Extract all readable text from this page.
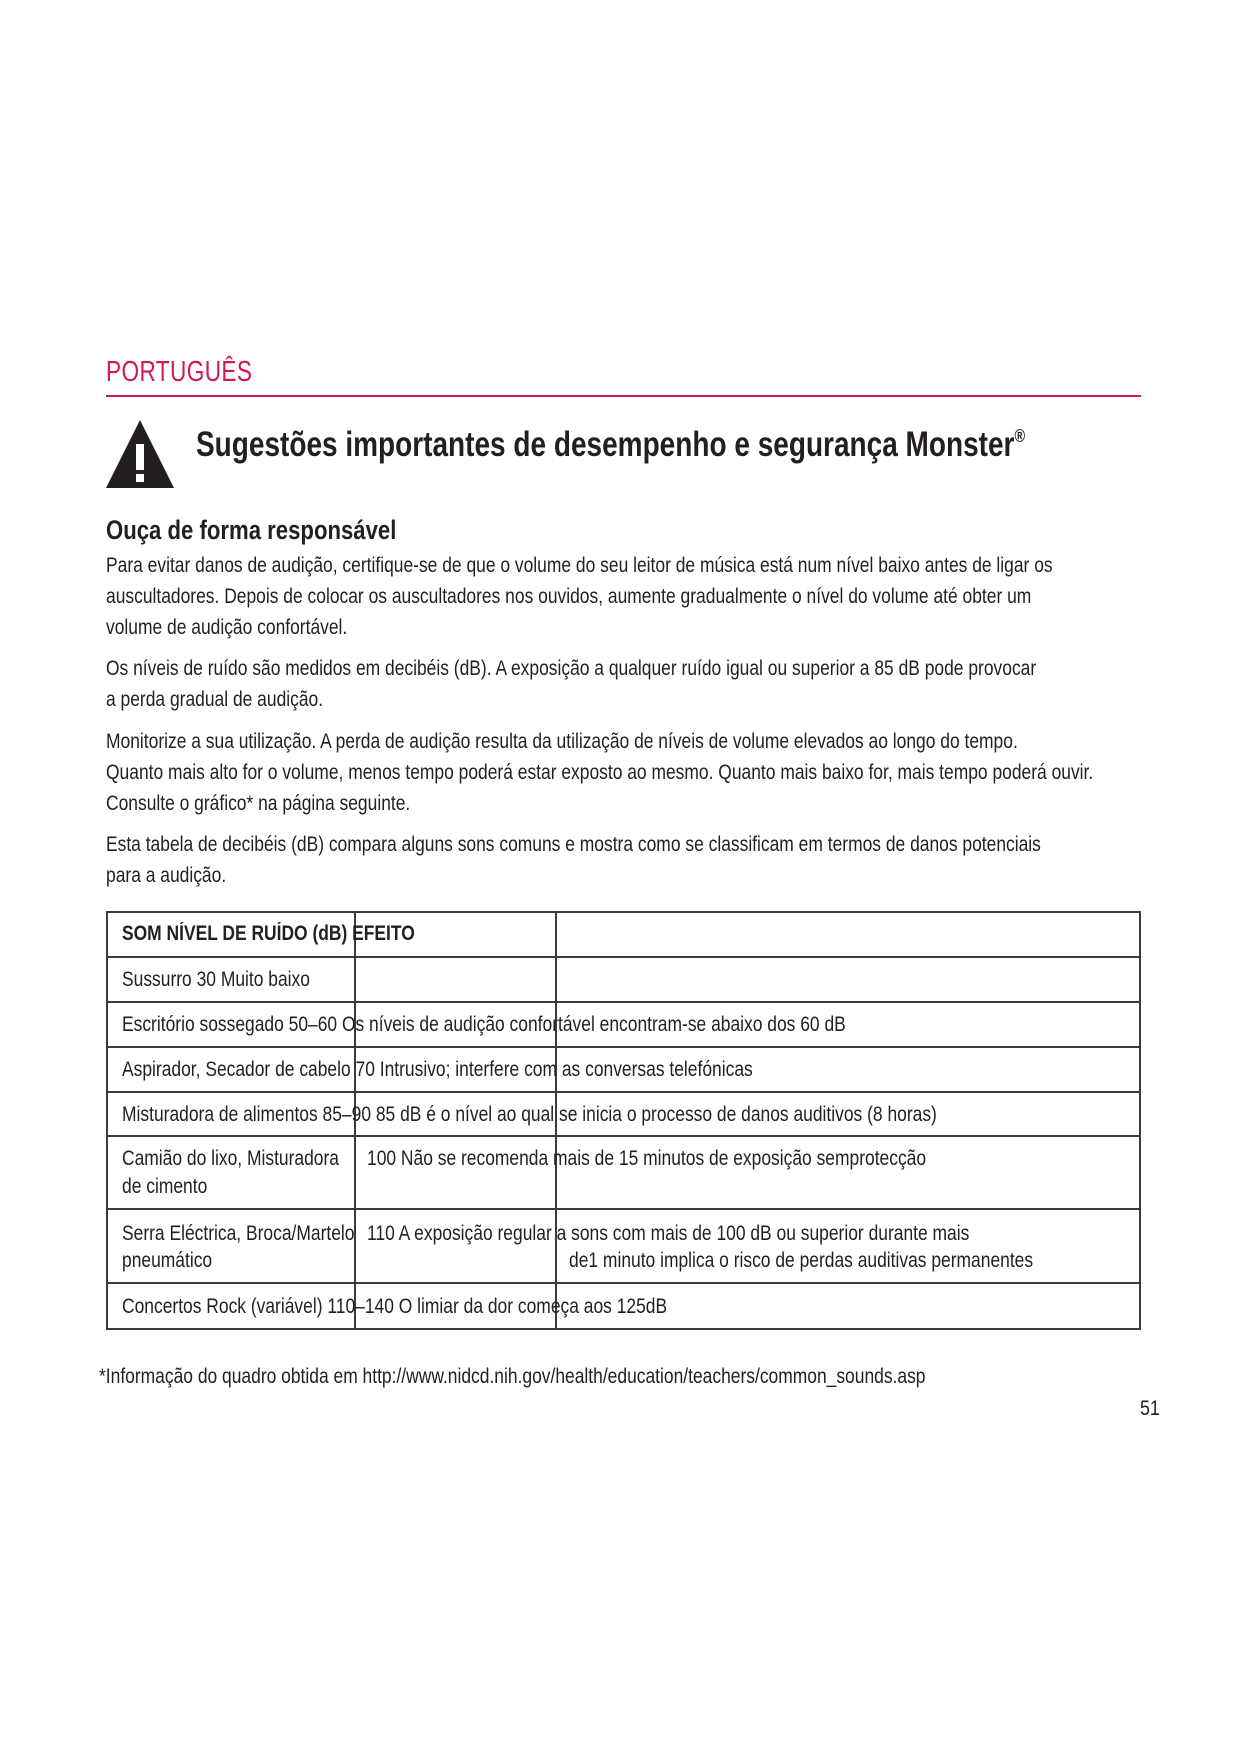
PORTUGUÊS
Sugestões importantes de desempenho e segurança Monster®
Ouça de forma responsável
Para evitar danos de audição, certifique-se de que o volume do seu leitor de música está num nível baixo antes de ligar os
auscultadores. Depois de colocar os auscultadores nos ouvidos, aumente gradualmente o nível do volume até obter um
volume de audição confortável.
Os níveis de ruído são medidos em decibéis (dB). A exposição a qualquer ruído igual ou superior a 85 dB pode provocar
a perda gradual de audição.
Monitorize a sua utilização. A perda de audição resulta da utilização de níveis de volume elevados ao longo do tempo.
Quanto mais alto for o volume, menos tempo poderá estar exposto ao mesmo. Quanto mais baixo for, mais tempo poderá ouvir.
Consulte o gráfico* na página seguinte.
Esta tabela de decibéis (dB) compara alguns sons comuns e mostra como se classificam em termos de danos potenciais
para a audição.
SOM NÍVEL DE RUÍDO (dB) EFEITO
Sussurro 30 Muito baixo
Escritório sossegado 50–60 Os níveis de audição confortável encontram-se abaixo dos 60 dB
Aspirador, Secador de cabelo 70 Intrusivo; interfere com as conversas telefónicas
Misturadora de alimentos 85–90 85 dB é o nível ao qual se inicia o processo de danos auditivos (8 horas)
Camião do lixo, Misturadora
de cimento
100 Não se recomenda mais de 15 minutos de exposição semprotecção
Serra Eléctrica, Broca/Martelo
pneumático
110 A exposição regular a sons com mais de 100 dB ou superior durante mais
de1 minuto implica o risco de perdas auditivas permanentes
Concertos Rock (variável) 110–140 O limiar da dor começa aos 125dB
*Informação do quadro obtida em http://www.nidcd.nih.gov/health/education/teachers/common_sounds.asp
51
